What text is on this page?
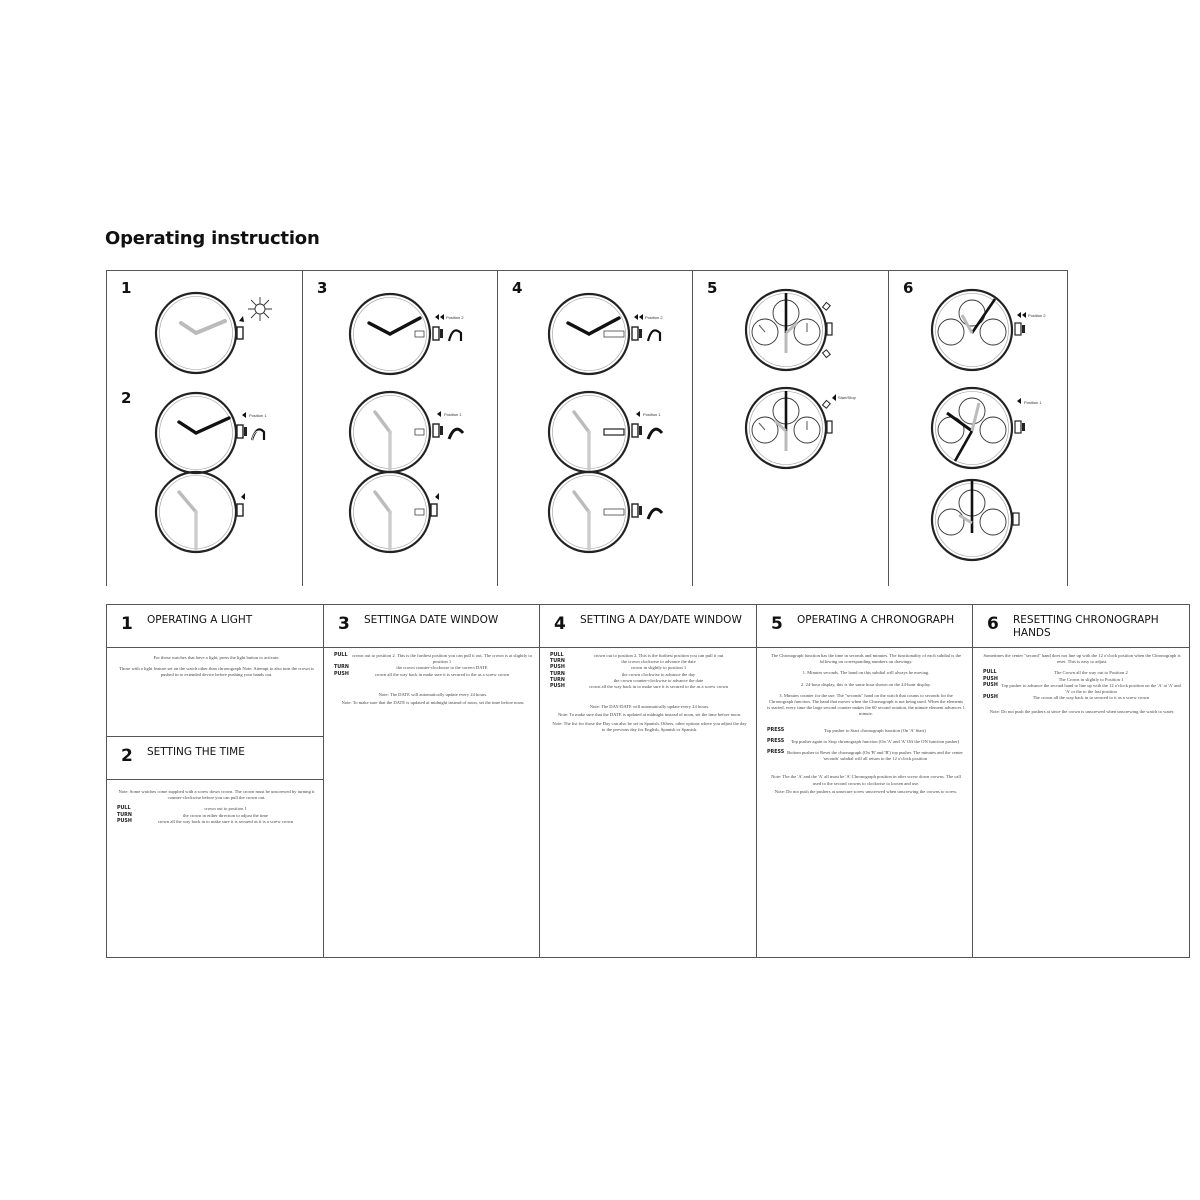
Operating instruction
1
2
Position 1
3
Position 2
Position 1
4
Position 2
Position 1
5
Start/Stop
6
Position 2
Position 1
1 OPERATING A LIGHT

For those watches that have a light, press the light button to activate.

Those with a light feature set on the watch other than chronograph Note: Attempt to also turn the crown is pushed in to extended device before pushing your hands out.

2 SETTING THE TIME

Note: Some watches come supplied with a screw down crown. The crown must be unscrewed by turning it counter-clockwise before you can pull the crown out.

PULL	crown out to position 1
TURN	the crown in either direction to adjust the time
PUSH	crown all the way back in to make sure it is secured as it is a screw crown
3 SETTINGA DATE WINDOW
PULL crown out to position 2. This is the furthest position you can pull it out. The crown is at slightly to position 1
TURN	the crown counter-clockwise to the correct DATE
PUSH	crown all the way back in make sure it is secured to the as a screw crown

Note: The DATE will automatically update every 24 hours.

Note: To make sure that the DATE is updated at midnight instead of noon, set the time before noon.

4 SETTING A DAY/DATE WINDOW
PULL	crown out to position 2. This is the furthest position you can pull it out
TURN	the crown clockwise to advance the date
PUSH	crown in slightly to position 1
TURN	the crown clockwise to advance the day
TURN	the crown counter-clockwise to advance the date
PUSH	crown all the way back in to make sure it is secured to the as a screw crown

Note: The DAY/DATE will automatically update every 24 hours.

Note: To make sure that the DATE is updated at midnight instead of noon, set the time before noon.

Note: The list for those the Day can also be set in Spanish. Others, other options where you adjust the day to the previous day for English, Spanish or Spanish.

5 OPERATING A CHRONOGRAPH

The Chronograph function has the time in seconds and minutes. The functionality of each subdial is the following on corresponding numbers on drawings:

1. Minutes seconds. The hand on this subdial will always be moving.

2. 24-hour display, this is the same hour shown on the 24-hour display.

3. Minutes counter for the use. The "seconds" hand on the watch that counts to seconds for the Chronograph function. The hand that moves when the Chronograph is not being used. When the elements is started, every time the large second counter makes the 60 second rotation, the minute element advances 1 minute.

PRESS	Top pusher to Start chronograph function (On 'A' Start)
PRESS	Top pusher again to Stop chronograph function (On 'A' and 'A' Off the ON function pusher)
PRESS Bottom pusher to Reset the chronograph (On 'B' and 'B') top pusher. The minutes and the center 'seconds' subdial will all return to the 12 o'clock position

Note: The the 'A' and the 'A' all must be 'A' Chronograph position in after screw down crowns. The call used to the second crowns to clockwise to loosen and use.

Note: Do not push the pushers at unsecure screw unscrewed when unscrewing the crowns to screw.

6 RESETTING CHRONOGRAPH HANDS

Sometimes the center "second" hand does not line up with the 12 o'clock position when the Chronograph is reset. This is easy to adjust.

PULL	The Crown all the way out to Position 2
PUSH	The Crown in slightly to Position 1
PUSH Top pusher to advance the second hand to line up with the 12 o'clock position on the 'A' at 'A' and 'A' or the to the last position
PUSH	The crown all the way back in to secured to it as a screw crown

Note: Do not push the pushers at since the crown is unscrewed when unscrewing the watch to water.
